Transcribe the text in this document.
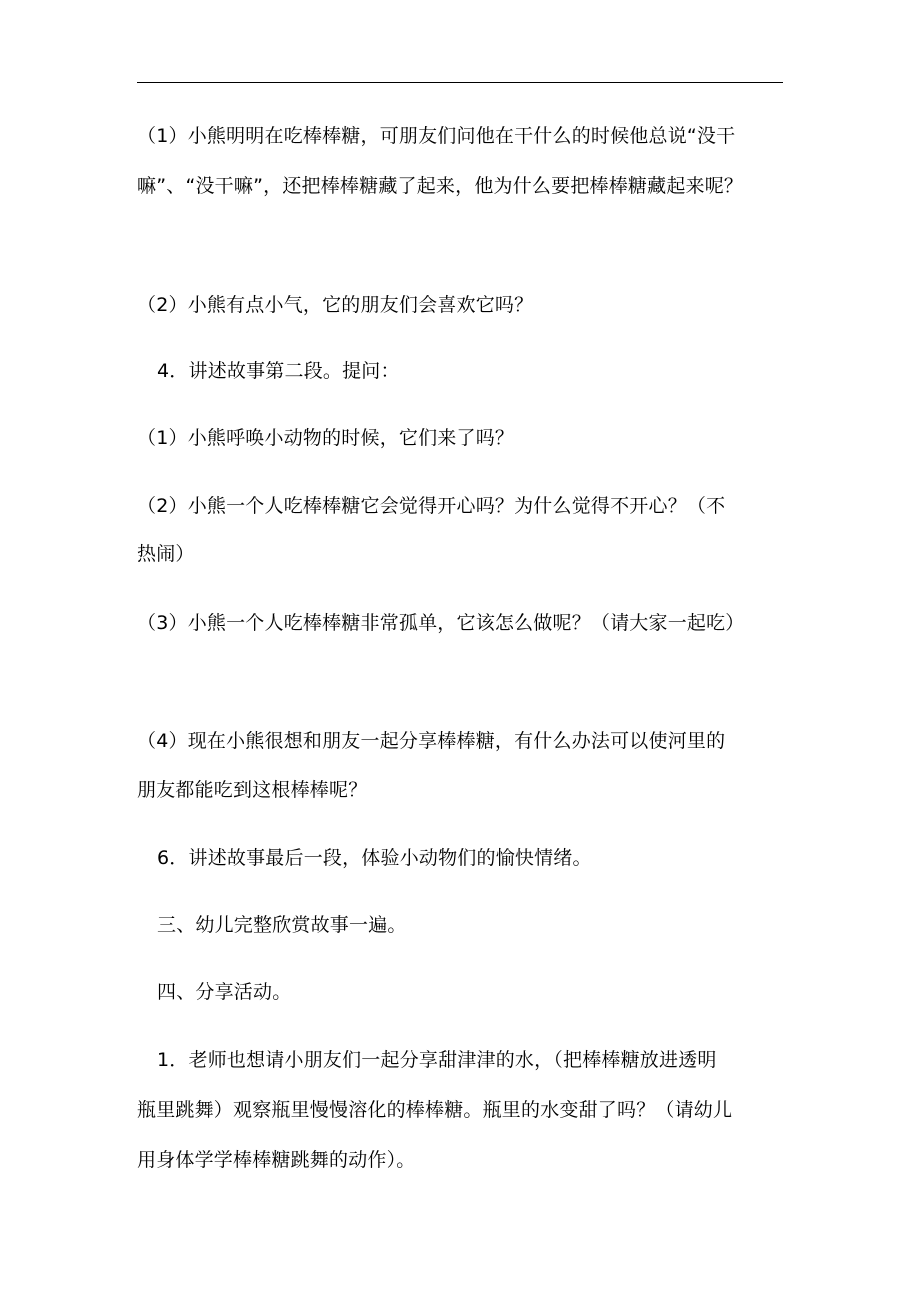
（1）小熊明明在吃棒棒糖，可朋友们问他在干什么的时候他总说“没干
嘛”、“没干嘛”，还把棒棒糖藏了起来，他为什么要把棒棒糖藏起来呢？
（2）小熊有点小气，它的朋友们会喜欢它吗？
4．讲述故事第二段。提问：
（1）小熊呼唤小动物的时候，它们来了吗？
（2）小熊一个人吃棒棒糖它会觉得开心吗？为什么觉得不开心？（不
热闹）
（3）小熊一个人吃棒棒糖非常孤单，它该怎么做呢？（请大家一起吃）
（4）现在小熊很想和朋友一起分享棒棒糖，有什么办法可以使河里的
朋友都能吃到这根棒棒呢？
6．讲述故事最后一段，体验小动物们的愉快情绪。
三、幼儿完整欣赏故事一遍。
四、分享活动。
1．老师也想请小朋友们一起分享甜津津的水，（把棒棒糖放进透明
瓶里跳舞）观察瓶里慢慢溶化的棒棒糖。瓶里的水变甜了吗？（请幼儿
用身体学学棒棒糖跳舞的动作）。
